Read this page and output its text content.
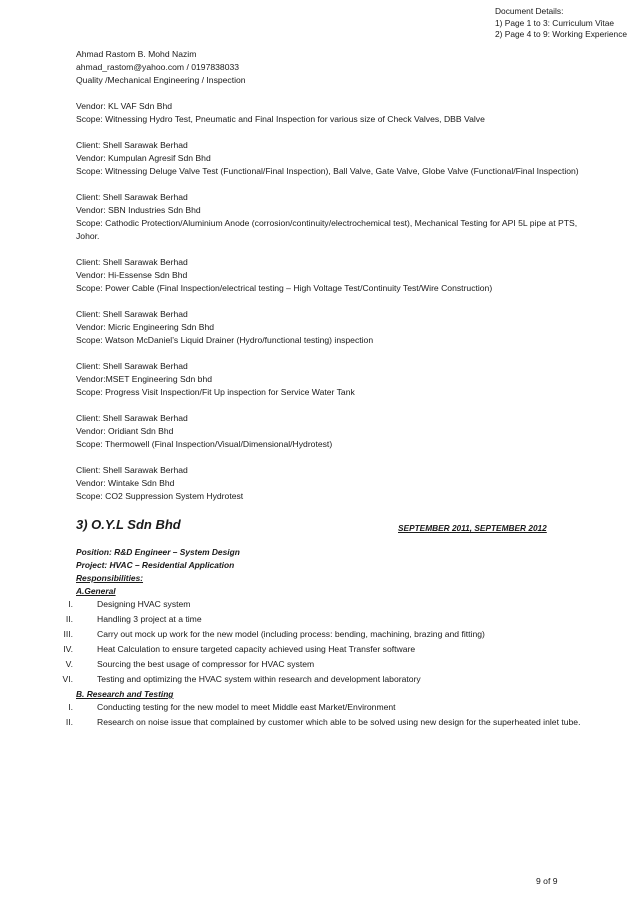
Document Details:
1) Page 1 to 3: Curriculum Vitae
2) Page 4 to 9: Working Experience

Ahmad Rastom B. Mohd Nazim

ahmad_rastom@yahoo.com / 0197838033

Quality /Mechanical Engineering / Inspection

Vendor: KL VAF Sdn Bhd

Scope: Witnessing Hydro Test, Pneumatic and Final Inspection for various size of Check Valves, DBB Valve

Client: Shell Sarawak Berhad

Vendor: Kumpulan Agresif Sdn Bhd

Scope: Witnessing Deluge Valve Test (Functional/Final Inspection), Ball Valve, Gate Valve, Globe Valve (Functional/Final Inspection)

Client: Shell Sarawak Berhad

Vendor: SBN Industries Sdn Bhd

Scope: Cathodic Protection/Aluminium Anode (corrosion/continuity/electrochemical test), Mechanical Testing for API 5L pipe at PTS, Johor.

Client: Shell Sarawak Berhad

Vendor: Hi-Essense Sdn Bhd

Scope: Power Cable (Final Inspection/electrical testing – High Voltage Test/Continuity Test/Wire Construction)

Client: Shell Sarawak Berhad

Vendor: Micric Engineering Sdn Bhd

Scope: Watson McDaniel’s Liquid Drainer (Hydro/functional testing) inspection

Client: Shell Sarawak Berhad

Vendor:MSET Engineering Sdn bhd

Scope: Progress Visit Inspection/Fit Up inspection for Service Water Tank

Client: Shell Sarawak Berhad

Vendor: Oridiant Sdn Bhd

Scope: Thermowell (Final Inspection/Visual/Dimensional/Hydrotest)

Client: Shell Sarawak Berhad

Vendor: Wintake Sdn Bhd

Scope: CO2 Suppression System Hydrotest

3) O.Y.L Sdn Bhd	SEPTEMBER 2011, SEPTEMBER 2012

Position: R&D Engineer – System Design

Project: HVAC – Residential Application

Responsibilities:

A.General

I.	Designing HVAC system
II.	Handling 3 project at a time
III.	Carry out mock up work for the new model (including process: bending, machining, brazing and fitting)
IV.	Heat Calculation to ensure targeted capacity achieved using Heat Transfer software
V.	Sourcing the best usage of compressor for HVAC system
VI.	Testing and optimizing the HVAC system within research and development laboratory

B. Research and Testing

I.	Conducting testing for the new model to meet Middle east Market/Environment
II.	Research on noise issue that complained by customer which able to be solved using new design for the superheated inlet tube.
9 of 9
